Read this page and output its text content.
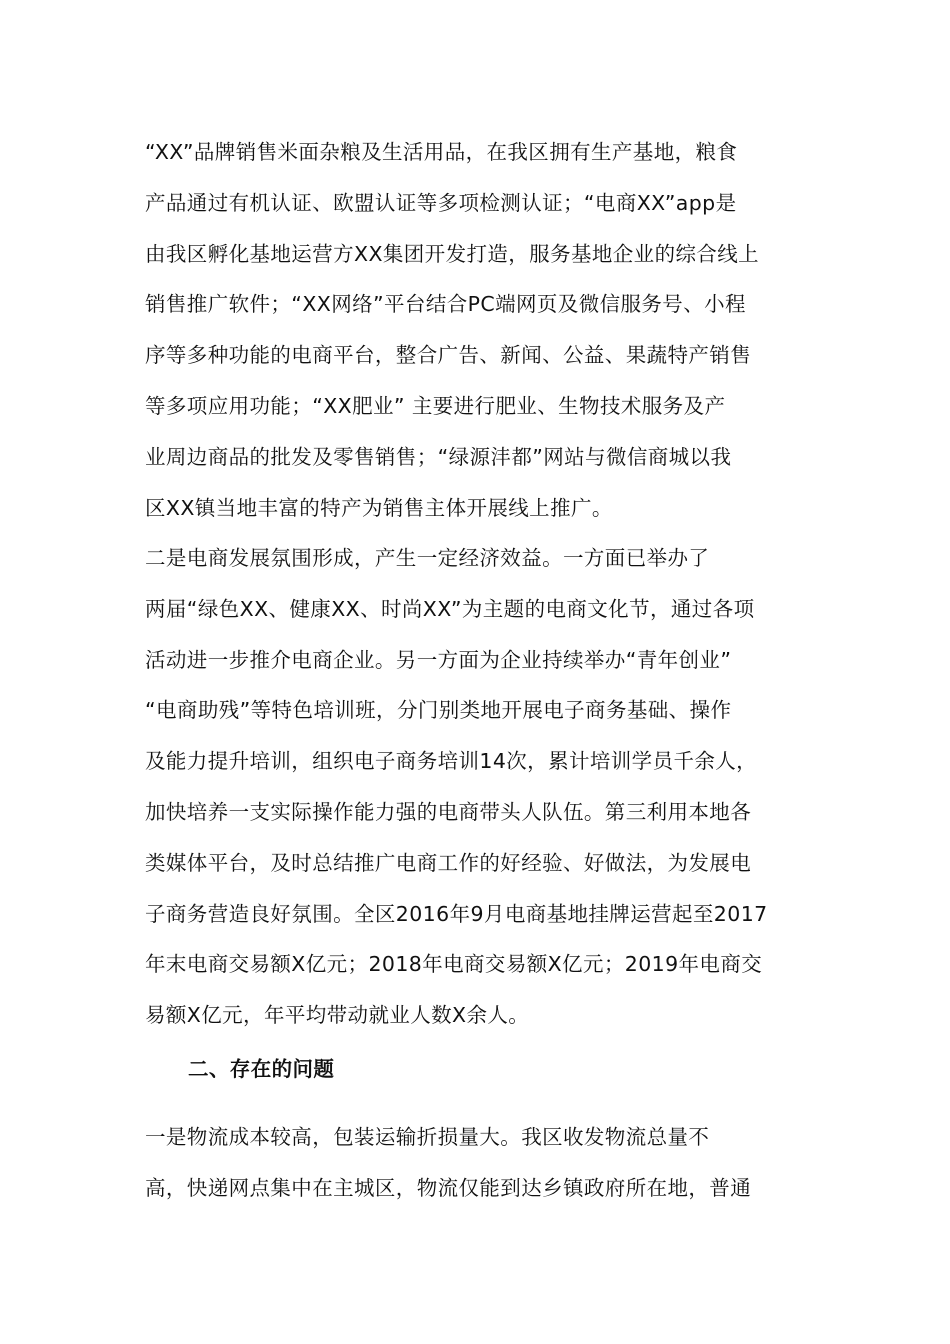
“XX”品牌销售米面杂粮及生活用品，在我区拥有生产基地，粮食
产品通过有机认证、欧盟认证等多项检测认证；“电商XX”app是
由我区孵化基地运营方XX集团开发打造，服务基地企业的综合线上
销售推广软件；“XX网络”平台结合PC端网页及微信服务号、小程
序等多种功能的电商平台，整合广告、新闻、公益、果蔬特产销售
等多项应用功能；“XX肥业” 主要进行肥业、生物技术服务及产
业周边商品的批发及零售销售；“绿源沣都”网站与微信商城以我
区XX镇当地丰富的特产为销售主体开展线上推广。
二是电商发展氛围形成，产生一定经济效益。一方面已举办了
两届“绿色XX、健康XX、时尚XX”为主题的电商文化节，通过各项
活动进一步推介电商企业。另一方面为企业持续举办“青年创业”
“电商助残”等特色培训班，分门别类地开展电子商务基础、操作
及能力提升培训，组织电子商务培训14次，累计培训学员千余人，
加快培养一支实际操作能力强的电商带头人队伍。第三利用本地各
类媒体平台，及时总结推广电商工作的好经验、好做法，为发展电
子商务营造良好氛围。全区2016年9月电商基地挂牌运营起至2017
年末电商交易额X亿元；2018年电商交易额X亿元；2019年电商交
易额X亿元，年平均带动就业人数X余人。
二、存在的问题
一是物流成本较高，包装运输折损量大。我区收发物流总量不
高，快递网点集中在主城区，物流仅能到达乡镇政府所在地，普通
